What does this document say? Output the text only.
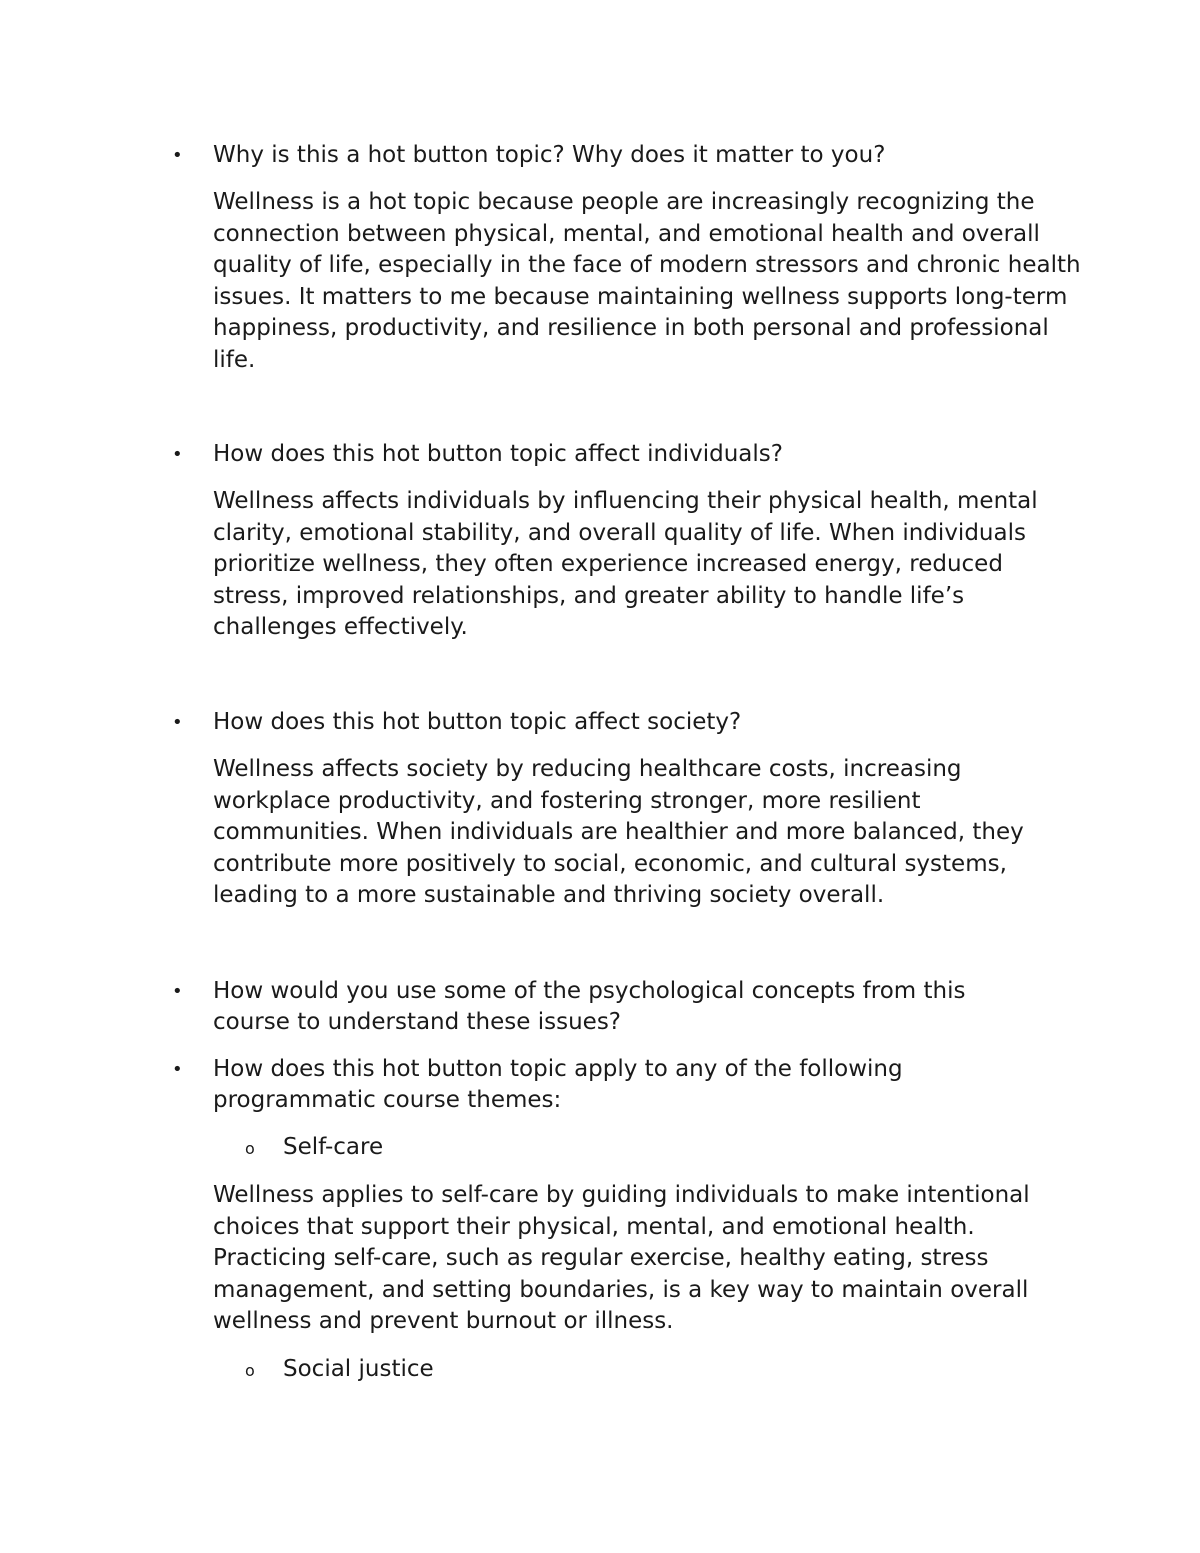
• Why is this a hot button topic? Why does it matter to you?
Wellness is a hot topic because people are increasingly recognizing the connection between physical, mental, and emotional health and overall quality of life, especially in the face of modern stressors and chronic health issues. It matters to me because maintaining wellness supports long-term happiness, productivity, and resilience in both personal and professional life.
• How does this hot button topic affect individuals?
Wellness affects individuals by influencing their physical health, mental clarity, emotional stability, and overall quality of life. When individuals prioritize wellness, they often experience increased energy, reduced stress, improved relationships, and greater ability to handle life’s challenges effectively.
• How does this hot button topic affect society?
Wellness affects society by reducing healthcare costs, increasing workplace productivity, and fostering stronger, more resilient communities. When individuals are healthier and more balanced, they contribute more positively to social, economic, and cultural systems, leading to a more sustainable and thriving society overall.
• How would you use some of the psychological concepts from this course to understand these issues?
• How does this hot button topic apply to any of the following programmatic course themes:
o Self-care
Wellness applies to self-care by guiding individuals to make intentional choices that support their physical, mental, and emotional health. Practicing self-care, such as regular exercise, healthy eating, stress management, and setting boundaries, is a key way to maintain overall wellness and prevent burnout or illness.
o Social justice
